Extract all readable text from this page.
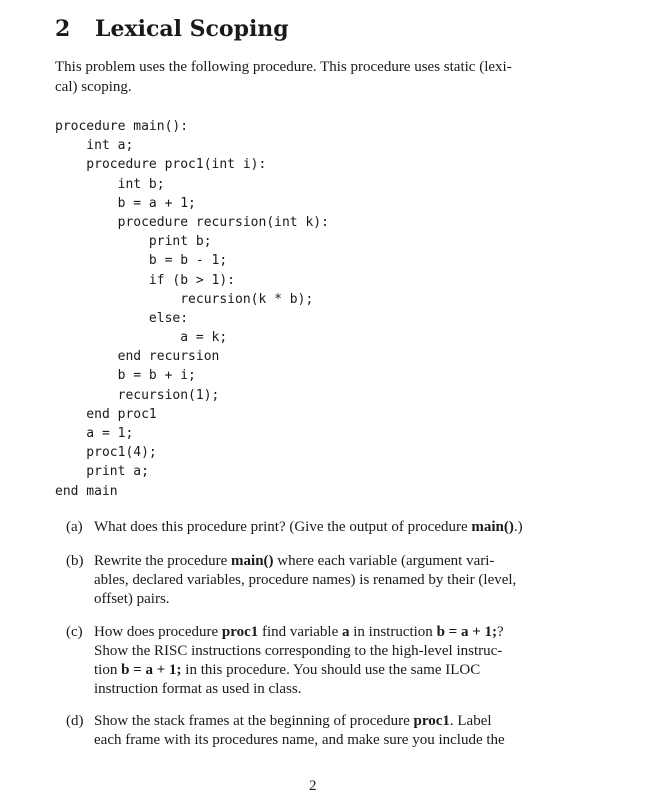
2 Lexical Scoping
This problem uses the following procedure. This procedure uses static (lexi-
cal) scoping.
procedure main():
int a;
procedure proc1(int i):
int b;
b = a + 1;
procedure recursion(int k):
print b;
b = b - 1;
if (b > 1):
recursion(k * b);
else:
a = k;
end recursion
b = b + i;
recursion(1);
end proc1
a = 1;
proc1(4);
print a;
end main
(a) What does this procedure print? (Give the output of procedure main().)
(b) Rewrite the procedure main() where each variable (argument vari-
ables, declared variables, procedure names) is renamed by their (level,
offset) pairs.
(c) How does procedure proc1 find variable a in instruction b = a + 1;?
Show the RISC instructions corresponding to the high-level instruc-
tion b = a + 1; in this procedure. You should use the same ILOC
instruction format as used in class.
(d) Show the stack frames at the beginning of procedure proc1. Label
each frame with its procedures name, and make sure you include the
2
